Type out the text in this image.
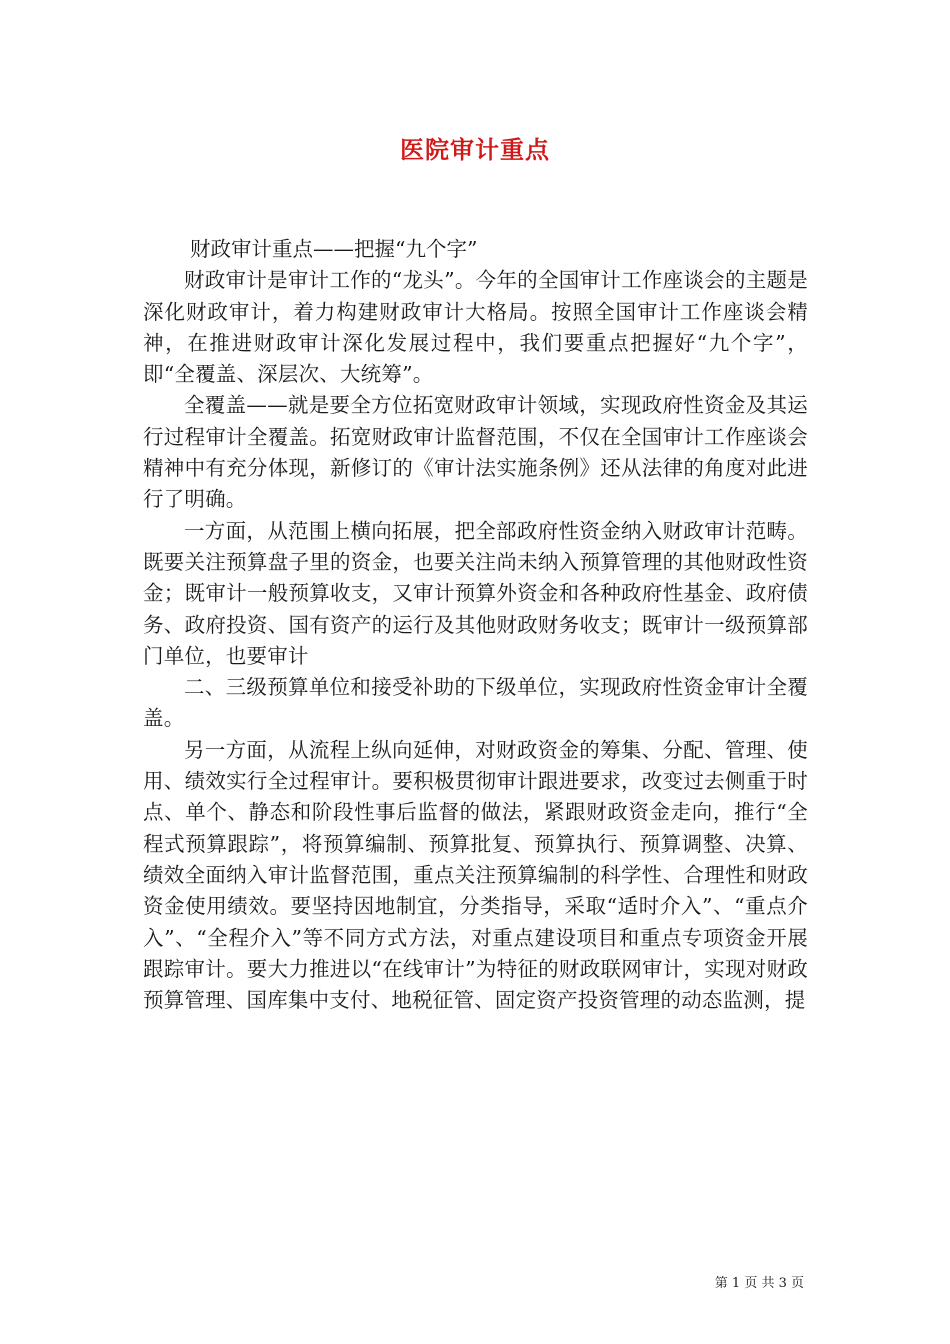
医院审计重点

财政审计重点——把握“九个字”

财政审计是审计工作的“龙头”。今年的全国审计工作座谈会的主题是深化财政审计，着力构建财政审计大格局。按照全国审计工作座谈会精神，在推进财政审计深化发展过程中，我们要重点把握好“九个字”，即“全覆盖、深层次、大统筹”。

全覆盖——就是要全方位拓宽财政审计领域，实现政府性资金及其运行过程审计全覆盖。拓宽财政审计监督范围，不仅在全国审计工作座谈会精神中有充分体现，新修订的《审计法实施条例》还从法律的角度对此进行了明确。

一方面，从范围上横向拓展，把全部政府性资金纳入财政审计范畴。既要关注预算盘子里的资金，也要关注尚未纳入预算管理的其他财政性资金；既审计一般预算收支，又审计预算外资金和各种政府性基金、政府债务、政府投资、国有资产的运行及其他财政财务收支；既审计一级预算部门单位，也要审计

二、三级预算单位和接受补助的下级单位，实现政府性资金审计全覆盖。

另一方面，从流程上纵向延伸，对财政资金的筹集、分配、管理、使用、绩效实行全过程审计。要积极贯彻审计跟进要求，改变过去侧重于时点、单个、静态和阶段性事后监督的做法，紧跟财政资金走向，推行“全程式预算跟踪”，将预算编制、预算批复、预算执行、预算调整、决算、绩效全面纳入审计监督范围，重点关注预算编制的科学性、合理性和财政资金使用绩效。要坚持因地制宜，分类指导，采取“适时介入”、“重点介入”、“全程介入”等不同方式方法，对重点建设项目和重点专项资金开展跟踪审计。要大力推进以“在线审计”为特征的财政联网审计，实现对财政预算管理、国库集中支付、地税征管、固定资产投资管理的动态监测，提

第 1 页 共 3 页
